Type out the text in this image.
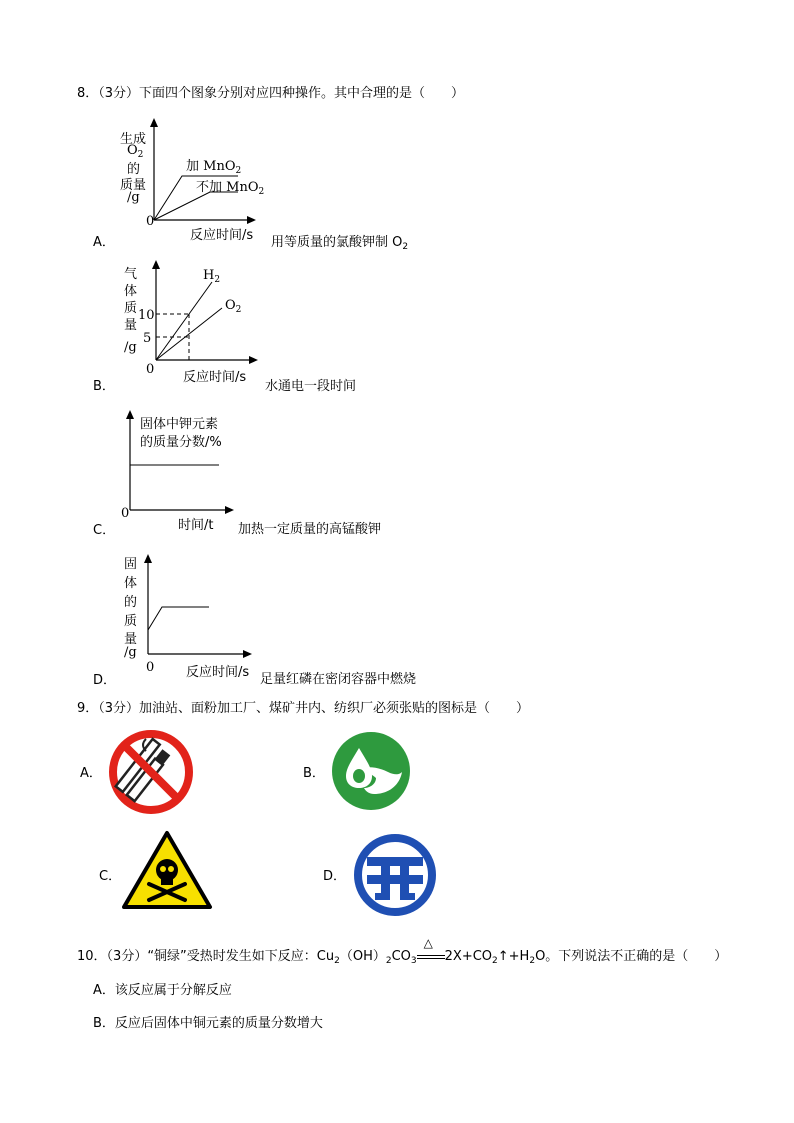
8．（3分）下面四个图象分别对应四种操作。其中合理的是（　　）
生成
$O_2$
的
质量
/g
加 MnO$_2$
不加 MnO$_2$
0
反应时间/s
A．	用等质量的氯酸钾制 $O_2$
气
体
质
量
/g
10
5
$H_2$
$O_2$
0
反应时间/s
B．	水通电一段时间
固体中钾元素
的质量分数/%
0
时间/t
C．	加热一定质量的高锰酸钾
固
体
的
质
量
/g
0 反应时间/s
D．	足量红磷在密闭容器中燃烧
9．（3分）加油站、面粉加工厂、煤矿井内、纺织厂必须张贴的图标是（　　）
A．	B．
C．	D．
10．（3分）“铜绿”受热时发生如下反应：$Cu_2(OH)_2CO_3$
△
$2X+CO_2↑+H_2O$。下列说法不正确的是（　　）
A．该反应属于分解反应
B．反应后固体中铜元素的质量分数增大
